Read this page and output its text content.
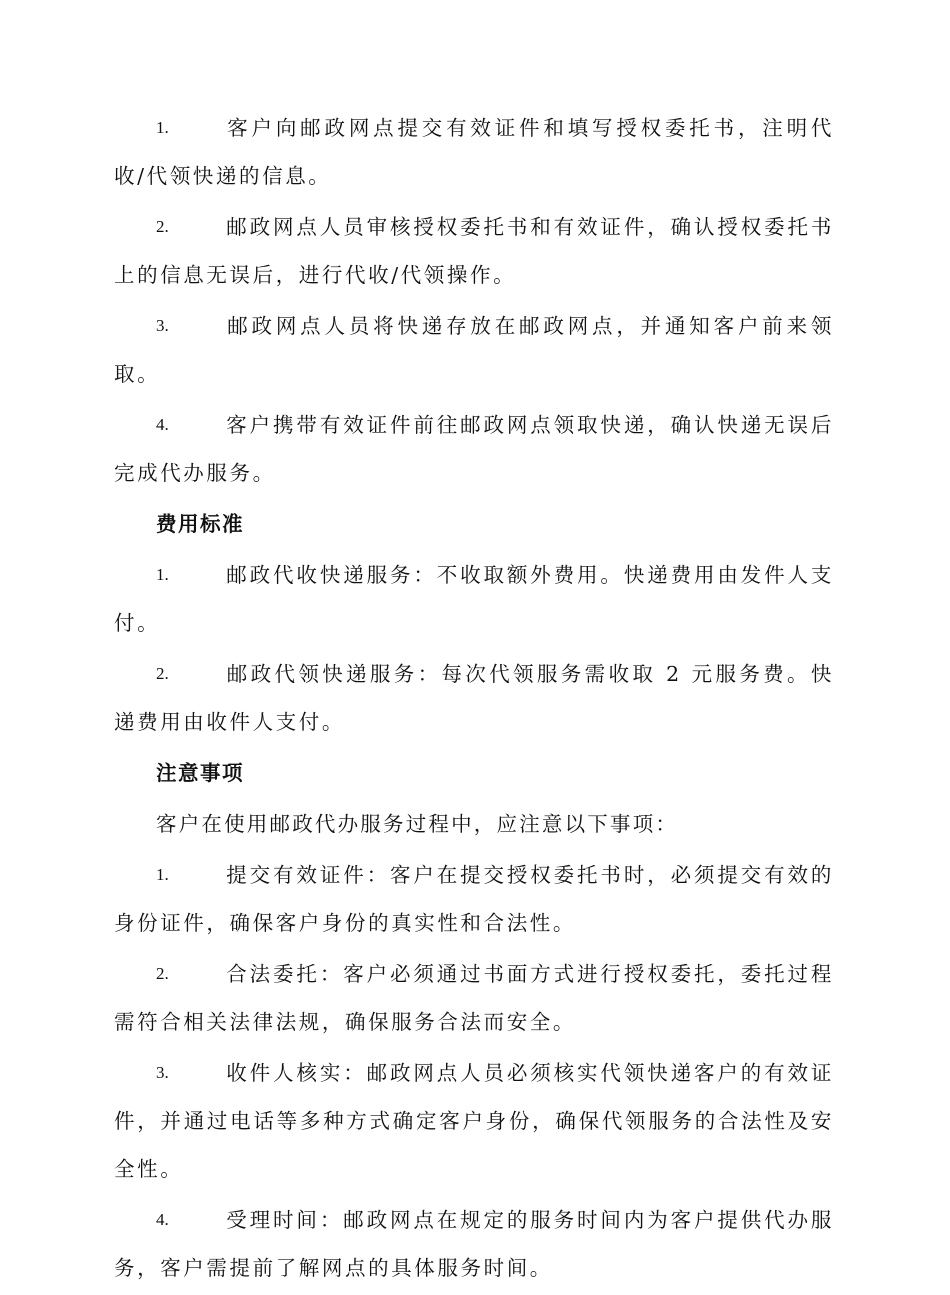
1.	客户向邮政网点提交有效证件和填写授权委托书，注明代收/代领快递的信息。
2.	邮政网点人员审核授权委托书和有效证件，确认授权委托书上的信息无误后，进行代收/代领操作。
3.	邮政网点人员将快递存放在邮政网点，并通知客户前来领取。
4.	客户携带有效证件前往邮政网点领取快递，确认快递无误后完成代办服务。
费用标准
1.	邮政代收快递服务：不收取额外费用。快递费用由发件人支付。
2.	邮政代领快递服务：每次代领服务需收取 2 元服务费。快递费用由收件人支付。
注意事项
客户在使用邮政代办服务过程中，应注意以下事项：
1.	提交有效证件：客户在提交授权委托书时，必须提交有效的身份证件，确保客户身份的真实性和合法性。
2.	合法委托：客户必须通过书面方式进行授权委托，委托过程需符合相关法律法规，确保服务合法而安全。
3.	收件人核实：邮政网点人员必须核实代领快递客户的有效证件，并通过电话等多种方式确定客户身份，确保代领服务的合法性及安全性。
4.	受理时间：邮政网点在规定的服务时间内为客户提供代办服务，客户需提前了解网点的具体服务时间。
